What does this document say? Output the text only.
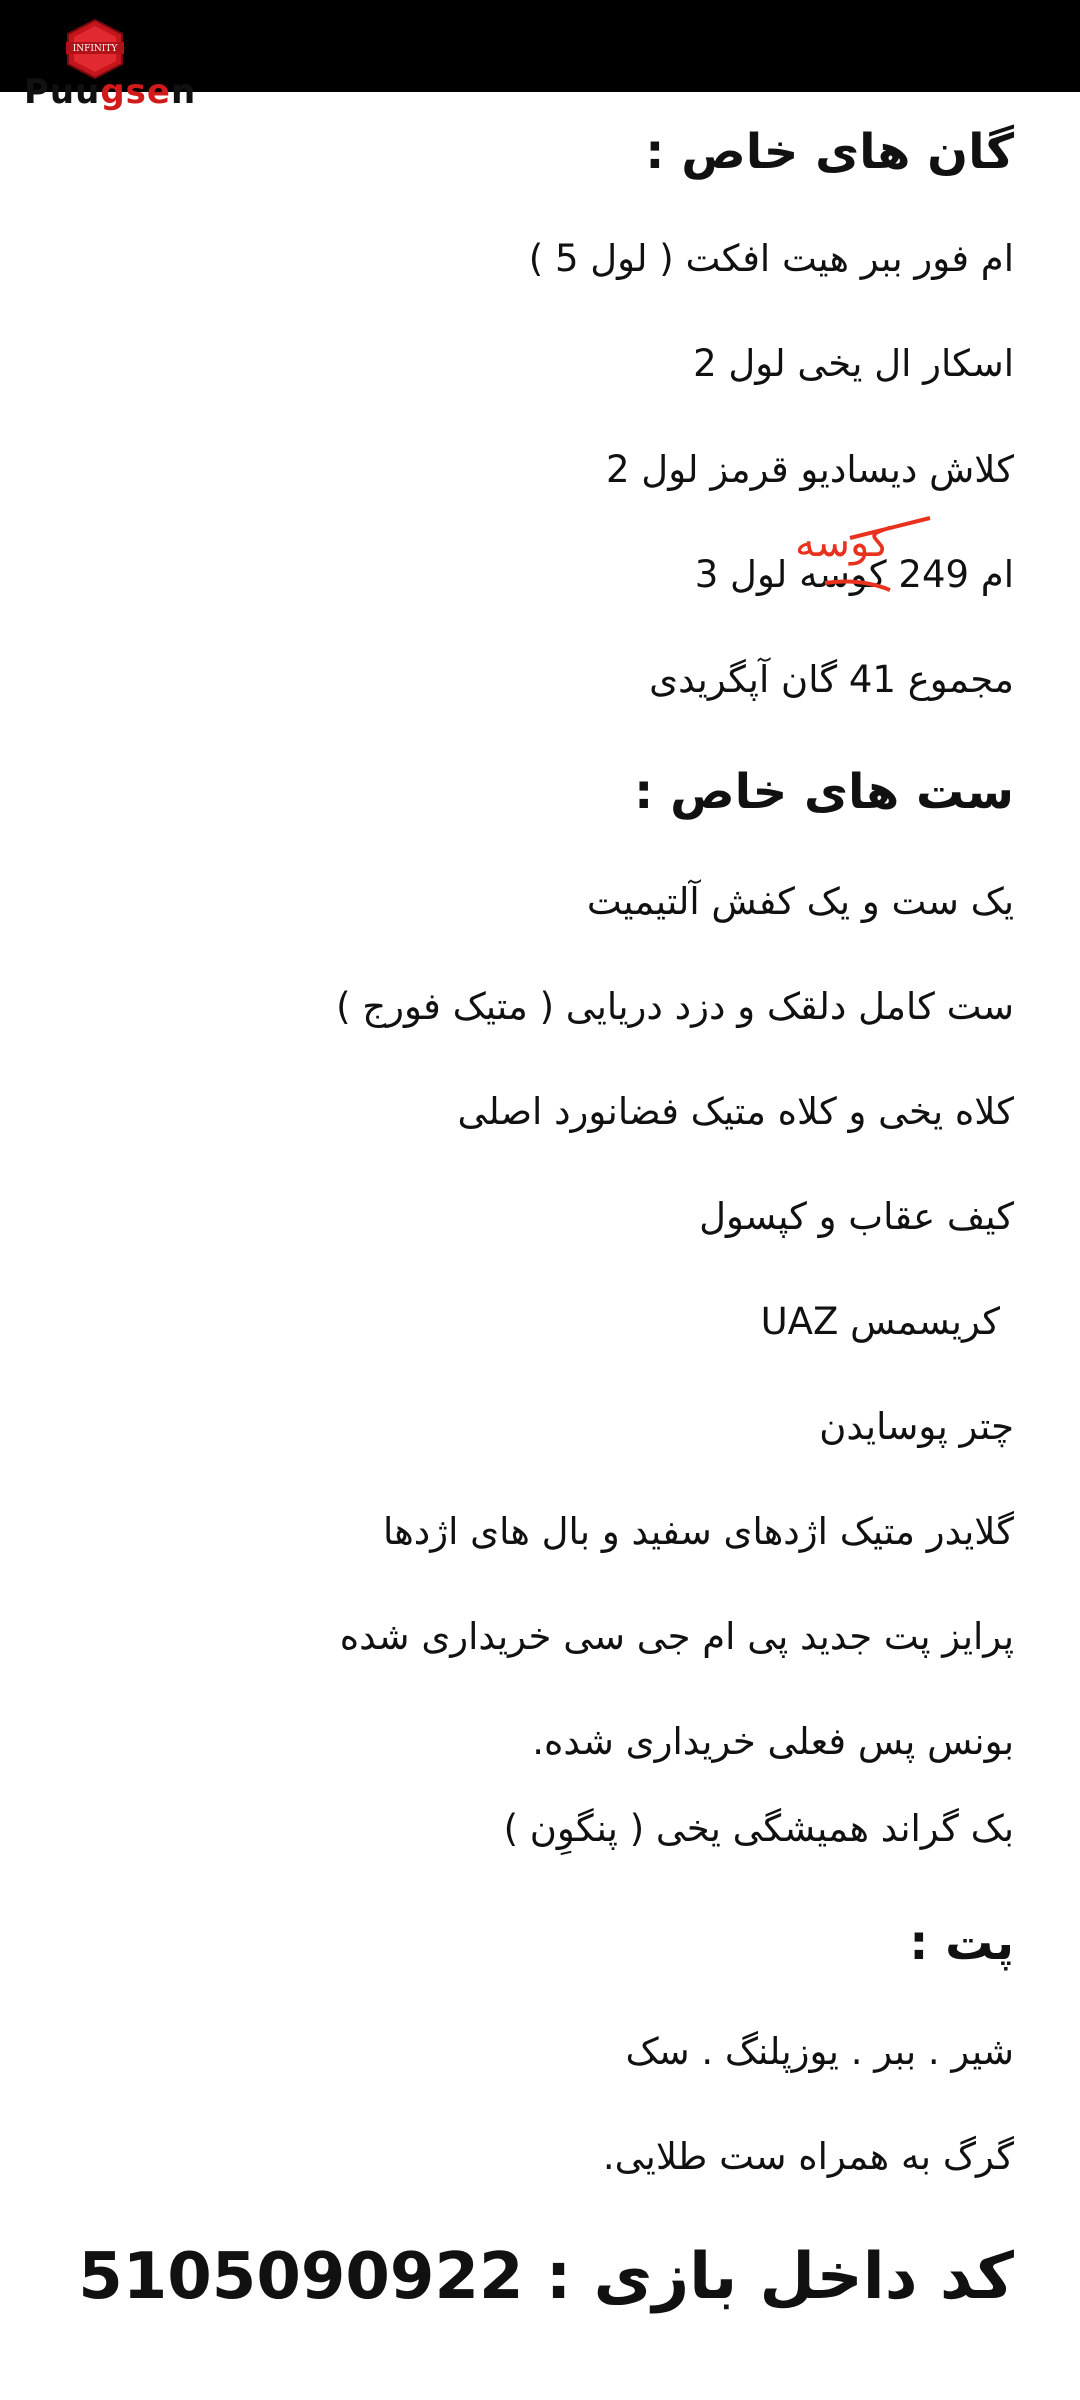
INFINITY
Puugsen
گان های خاص :
ام فور ببر هیت افکت ( لول 5 )
اسکار ال یخی لول 2
کلاش دیسادیو قرمز لول 2
ام 249 کوسه لول 3
مجموع 41 گان آپگریدی
ست های خاص :
یک ست و یک کفش آلتیمیت
ست کامل دلقک و دزد دریایی ( متیک فورج )
کلاه یخی و کلاه متیک فضانورد اصلی
کیف عقاب و کپسول
کریسمس UAZ
چتر پوسایدن
گلایدر متیک اژدهای سفید و بال های اژدها
پرایز پت جدید پی ام جی سی خریداری شده
بونس پس فعلی خریداری شده.
بک گراند همیشگی یخی ( پنگوِن )
پت :
شیر . ببر . یوزپلنگ . سک
گرگ به همراه ست طلایی.
کد داخل بازی : 5105090922
کوسه
